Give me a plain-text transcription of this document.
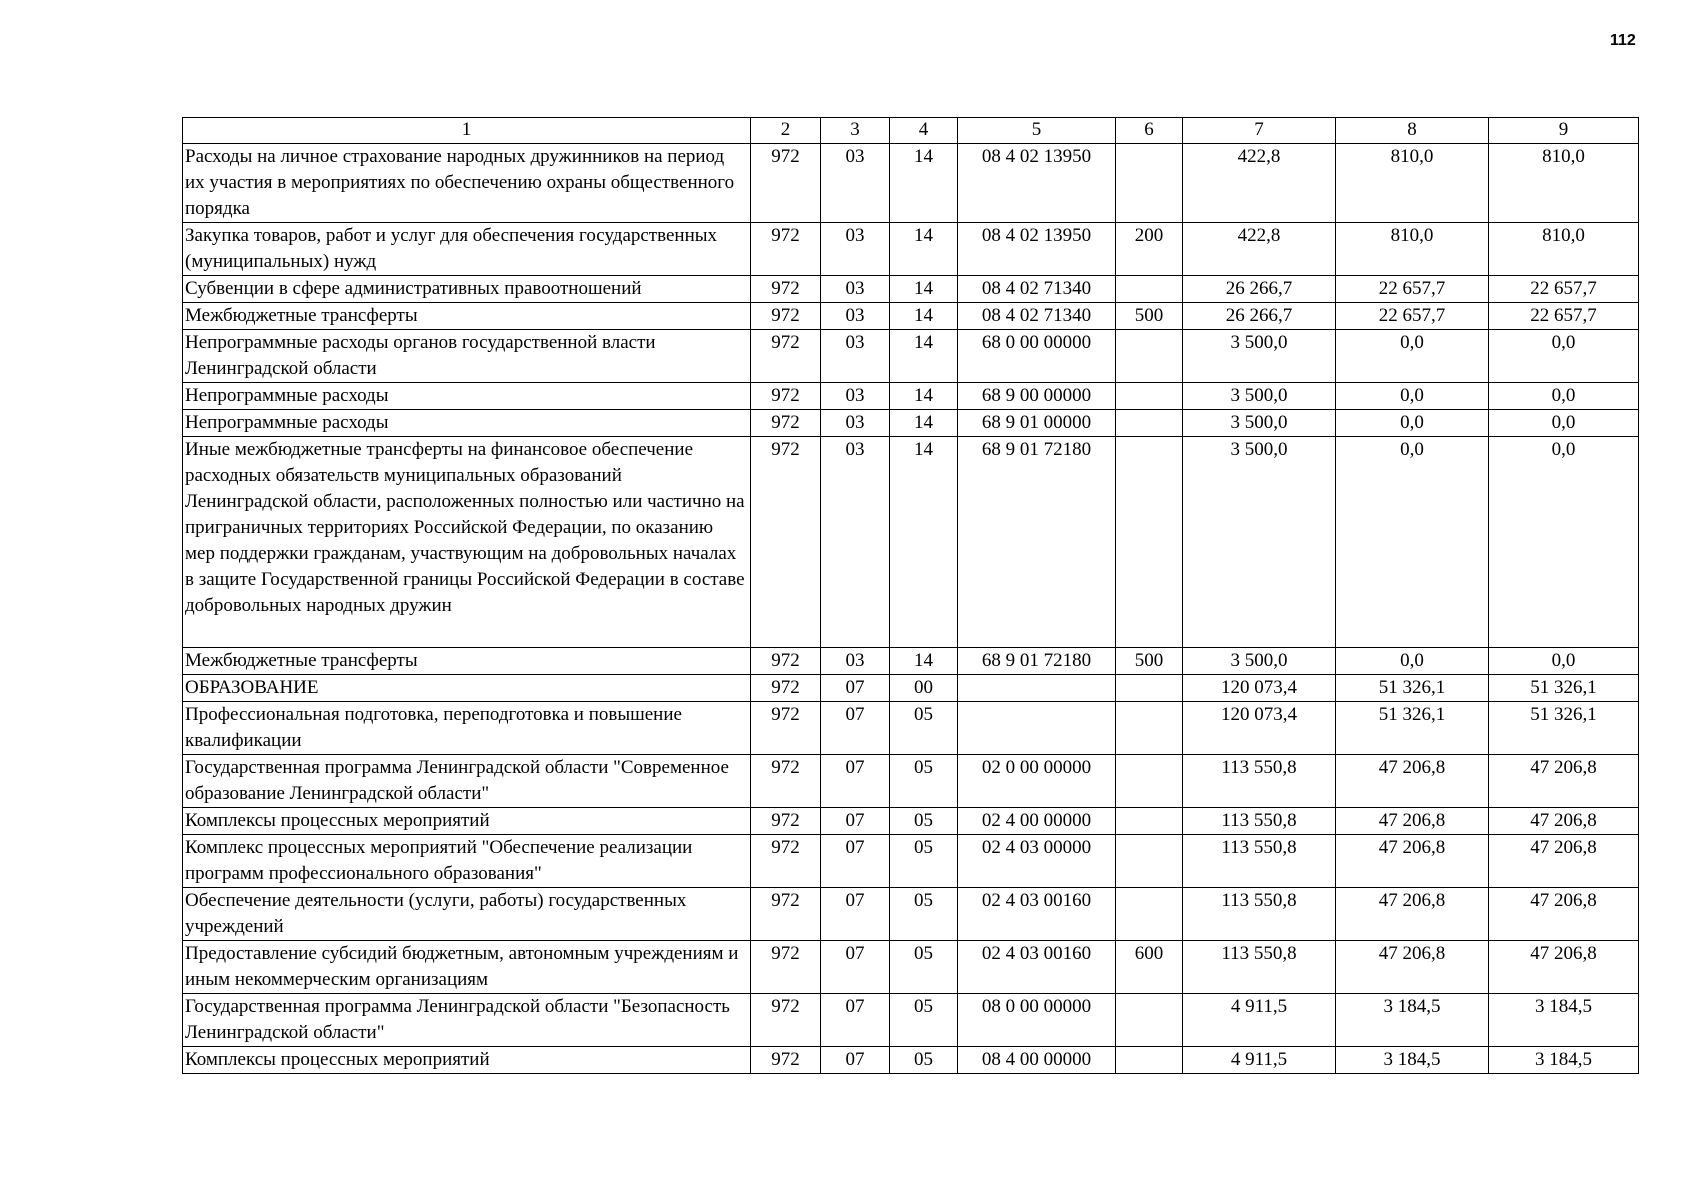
112
1	2	3	4	5	6	7	8	9
Расходы на личное страхование народных дружинников на период их участия в мероприятиях по обеспечению охраны общественного порядка	972	03	14	08 4 02 13950		422,8	810,0	810,0
Закупка товаров, работ и услуг для обеспечения государственных (муниципальных) нужд	972	03	14	08 4 02 13950	200	422,8	810,0	810,0
Субвенции в сфере административных правоотношений	972	03	14	08 4 02 71340		26 266,7	22 657,7	22 657,7
Межбюджетные трансферты	972	03	14	08 4 02 71340	500	26 266,7	22 657,7	22 657,7
Непрограммные расходы органов государственной власти Ленинградской области	972	03	14	68 0 00 00000		3 500,0	0,0	0,0
Непрограммные расходы	972	03	14	68 9 00 00000		3 500,0	0,0	0,0
Непрограммные расходы	972	03	14	68 9 01 00000		3 500,0	0,0	0,0
Иные межбюджетные трансферты на финансовое обеспечение расходных обязательств муниципальных образований Ленинградской области, расположенных полностью или частично на приграничных территориях Российской Федерации, по оказанию мер поддержки гражданам, участвующим на добровольных началах в защите Государственной границы Российской Федерации в составе добровольных народных дружин	972	03	14	68 9 01 72180		3 500,0	0,0	0,0
Межбюджетные трансферты	972	03	14	68 9 01 72180	500	3 500,0	0,0	0,0
ОБРАЗОВАНИЕ	972	07	00			120 073,4	51 326,1	51 326,1
Профессиональная подготовка, переподготовка и повышение квалификации	972	07	05			120 073,4	51 326,1	51 326,1
Государственная программа Ленинградской области "Современное образование Ленинградской области"	972	07	05	02 0 00 00000		113 550,8	47 206,8	47 206,8
Комплексы процессных мероприятий	972	07	05	02 4 00 00000		113 550,8	47 206,8	47 206,8
Комплекс процессных мероприятий "Обеспечение реализации программ профессионального образования"	972	07	05	02 4 03 00000		113 550,8	47 206,8	47 206,8
Обеспечение деятельности (услуги, работы) государственных учреждений	972	07	05	02 4 03 00160		113 550,8	47 206,8	47 206,8
Предоставление субсидий бюджетным, автономным учреждениям и иным некоммерческим организациям	972	07	05	02 4 03 00160	600	113 550,8	47 206,8	47 206,8
Государственная программа Ленинградской области "Безопасность Ленинградской области"	972	07	05	08 0 00 00000		4 911,5	3 184,5	3 184,5
Комплексы процессных мероприятий	972	07	05	08 4 00 00000		4 911,5	3 184,5	3 184,5
